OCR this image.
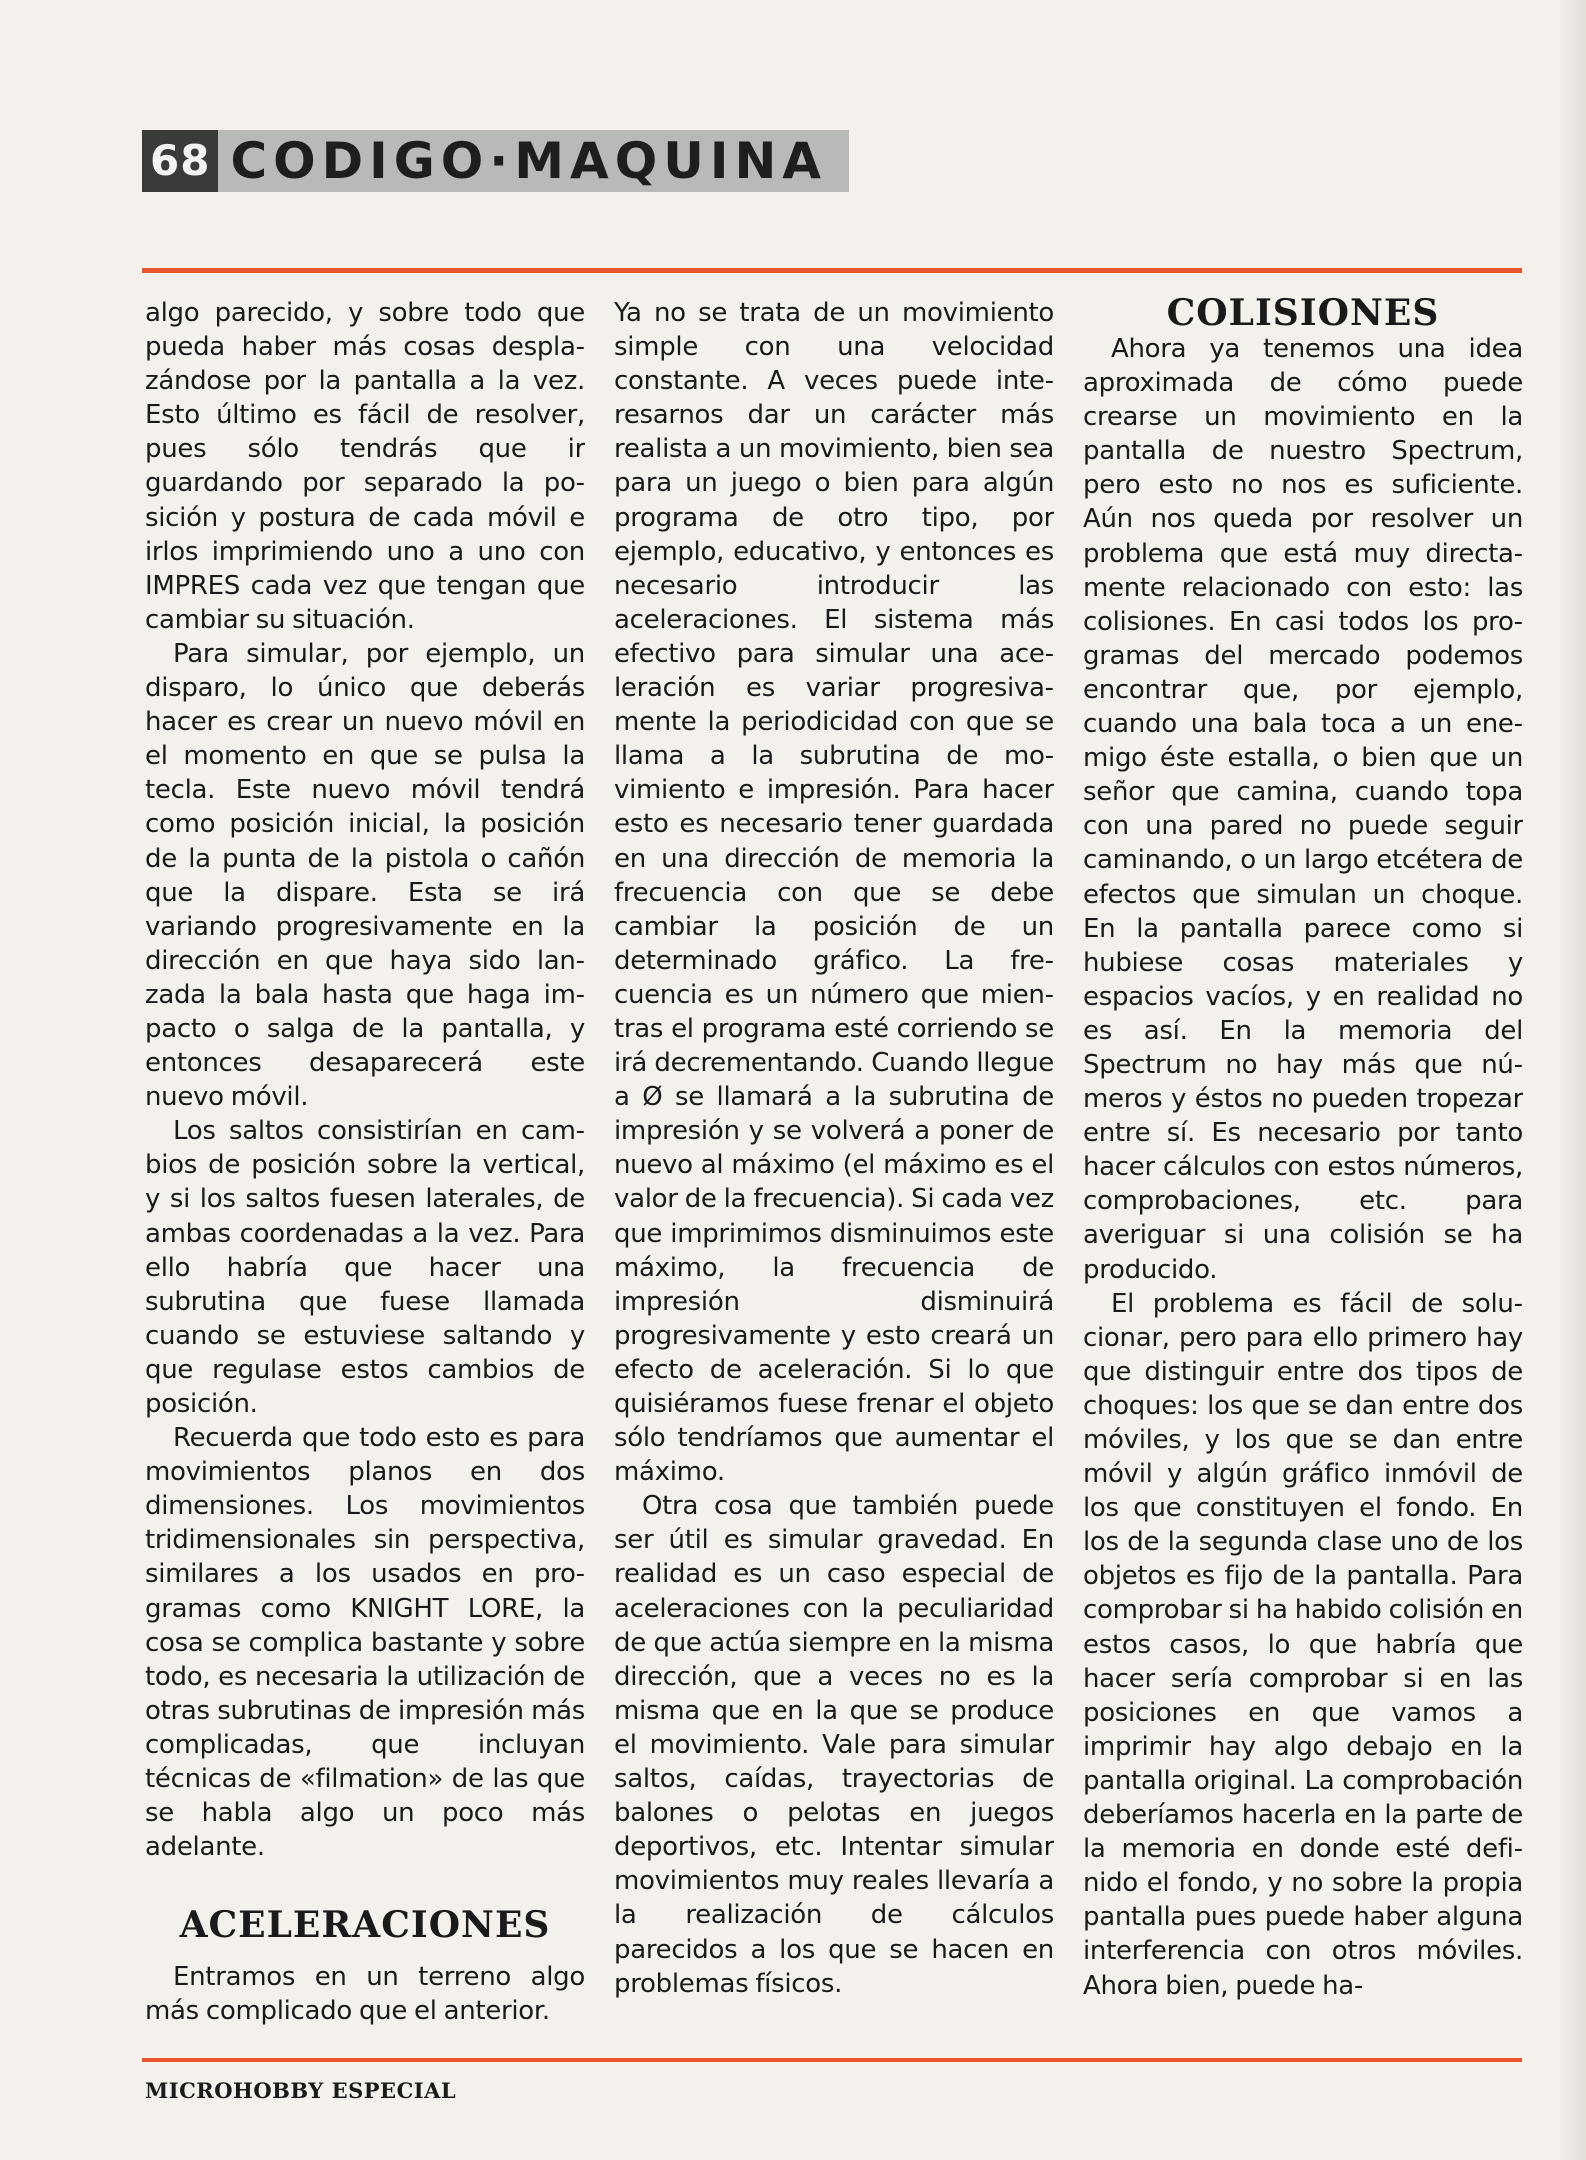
68 CODIGO·MAQUINA

algo parecido, y sobre todo que pueda haber más cosas desplazándose por la pantalla a la vez. Esto último es fácil de resolver, pues sólo tendrás que ir guardando por separado la posición y postura de cada móvil e irlos imprimiendo uno a uno con IMPRES cada vez que tengan que cambiar su situación.

Para simular, por ejemplo, un disparo, lo único que deberás hacer es crear un nuevo móvil en el momento en que se pulsa la tecla. Este nuevo móvil tendrá como posición inicial, la posición de la punta de la pistola o cañón que la dispare. Esta se irá variando progresivamente en la dirección en que haya sido lanzada la bala hasta que haga impacto o salga de la pantalla, y entonces desaparecerá este nuevo móvil.

Los saltos consistirían en cambios de posición sobre la vertical, y si los saltos fuesen laterales, de ambas coordenadas a la vez. Para ello habría que hacer una subrutina que fuese llamada cuando se estuviese saltando y que regulase estos cambios de posición.

Recuerda que todo esto es para movimientos planos en dos dimensiones. Los movimientos tridimensionales sin perspectiva, similares a los usados en programas como KNIGHT LORE, la cosa se complica bastante y sobre todo, es necesaria la utilización de otras subrutinas de impresión más complicadas, que incluyan técnicas de «filmation» de las que se habla algo un poco más adelante.

ACELERACIONES

Entramos en un terreno algo más complicado que el anterior.

Ya no se trata de un movimiento simple con una velocidad constante. A veces puede interesarnos dar un carácter más realista a un movimiento, bien sea para un juego o bien para algún programa de otro tipo, por ejemplo, educativo, y entonces es necesario introducir las aceleraciones. El sistema más efectivo para simular una aceleración es variar progresivamente la periodicidad con que se llama a la subrutina de movimiento e impresión. Para hacer esto es necesario tener guardada en una dirección de memoria la frecuencia con que se debe cambiar la posición de un determinado gráfico. La frecuencia es un número que mientras el programa esté corriendo se irá decrementando. Cuando llegue a Ø se llamará a la subrutina de impresión y se volverá a poner de nuevo al máximo (el máximo es el valor de la frecuencia). Si cada vez que imprimimos disminuimos este máximo, la frecuencia de impresión disminuirá progresivamente y esto creará un efecto de aceleración. Si lo que quisiéramos fuese frenar el objeto sólo tendríamos que aumentar el máximo.

Otra cosa que también puede ser útil es simular gravedad. En realidad es un caso especial de aceleraciones con la peculiaridad de que actúa siempre en la misma dirección, que a veces no es la misma que en la que se produce el movimiento. Vale para simular saltos, caídas, trayectorias de balones o pelotas en juegos deportivos, etc. Intentar simular movimientos muy reales llevaría a la realización de cálculos parecidos a los que se hacen en problemas físicos.

COLISIONES

Ahora ya tenemos una idea aproximada de cómo puede crearse un movimiento en la pantalla de nuestro Spectrum, pero esto no nos es suficiente. Aún nos queda por resolver un problema que está muy directamente relacionado con esto: las colisiones. En casi todos los programas del mercado podemos encontrar que, por ejemplo, cuando una bala toca a un enemigo éste estalla, o bien que un señor que camina, cuando topa con una pared no puede seguir caminando, o un largo etcétera de efectos que simulan un choque. En la pantalla parece como si hubiese cosas materiales y espacios vacíos, y en realidad no es así. En la memoria del Spectrum no hay más que números y éstos no pueden tropezar entre sí. Es necesario por tanto hacer cálculos con estos números, comprobaciones, etc. para averiguar si una colisión se ha producido.

El problema es fácil de solucionar, pero para ello primero hay que distinguir entre dos tipos de choques: los que se dan entre dos móviles, y los que se dan entre móvil y algún gráfico inmóvil de los que constituyen el fondo. En los de la segunda clase uno de los objetos es fijo de la pantalla. Para comprobar si ha habido colisión en estos casos, lo que habría que hacer sería comprobar si en las posiciones en que vamos a imprimir hay algo debajo en la pantalla original. La comprobación deberíamos hacerla en la parte de la memoria en donde esté definido el fondo, y no sobre la propia pantalla pues puede haber alguna interferencia con otros móviles. Ahora bien, puede ha-

MICROHOBBY ESPECIAL
